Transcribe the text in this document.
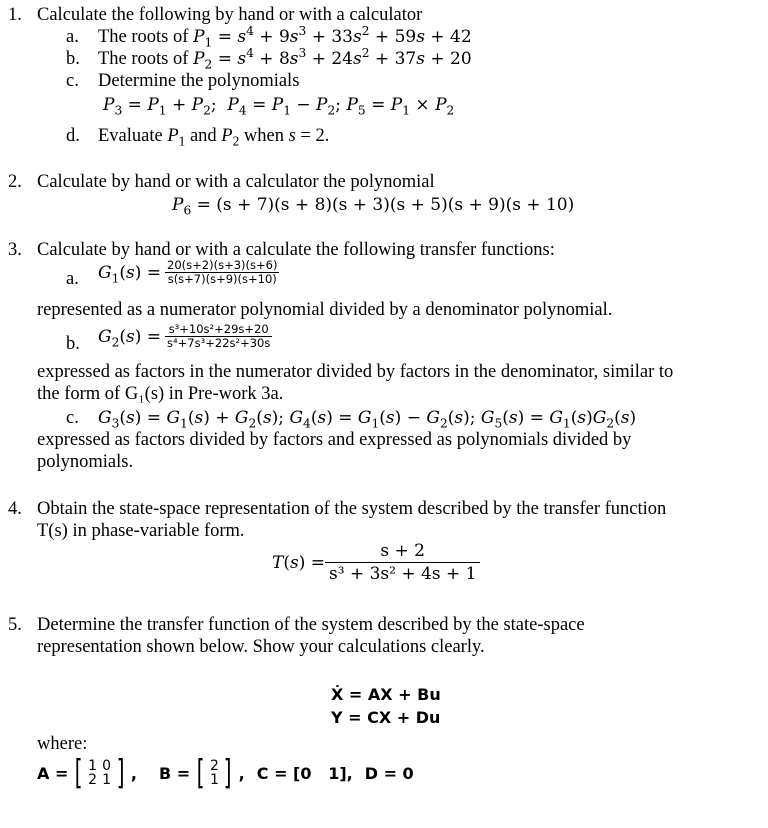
1. Calculate the following by hand or with a calculator
a. The roots of $P_1 = s^4 + 9s^3 + 33s^2 + 59s + 42$
b. The roots of $P_2 = s^4 + 8s^3 + 24s^2 + 37s + 20$
c. Determine the polynomials
$P_3 = P_1 + P_2$;  $P_4 = P_1 - P_2$; $P_5 = P_1 \times P_2$
d. Evaluate $P_1$ and $P_2$ when s = 2.
2. Calculate by hand or with a calculator the polynomial
$P_6 = (s + 7)(s + 8)(s + 3)(s + 5)(s + 9)(s + 10)$
3. Calculate by hand or with a calculate the following transfer functions:
a. $G_1(s) = \frac{20(s+2)(s+3)(s+6)}{s(s+7)(s+9)(s+10)}$
represented as a numerator polynomial divided by a denominator polynomial.
b. $G_2(s) = \frac{\text{s³+10s²+29s+20}}{\text{s⁴+7s³+22s²+30s}}$
expressed as factors in the numerator divided by factors in the denominator, similar to
the form of G₁(s) in Pre-work 3a.
c. $G_3(s) = G_1(s) + G_2(s)$; $G_4(s) = G_1(s) - G_2(s)$; $G_5(s) = G_1(s)G_2(s)$
expressed as factors divided by factors and expressed as polynomials divided by
polynomials.
4. Obtain the state-space representation of the system described by the transfer function
T(s) in phase-variable form.
$T(s) = \frac{s + 2}{\text{s³ + 3s² + 4s + 1}}$
5. Determine the transfer function of the system described by the state-space
representation shown below. Show your calculations clearly.
Ẋ = AX + Bu
Y = CX + Du
where:
A = [ 1 0
2 1 ] , B = [ 2
1 ] , C = [0   1], D = 0
